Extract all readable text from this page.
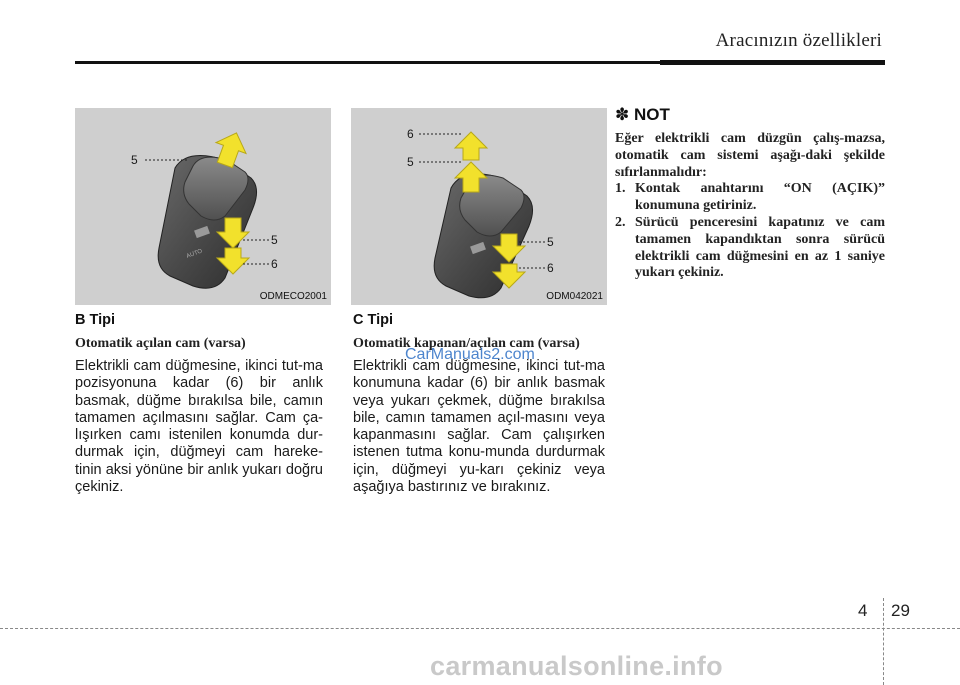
Aracınızın özellikleri
AUTO
5
5
6
ODMECO2001
6
5
5
6
ODM042021
B Tipi
Otomatik açılan cam (varsa)
Elektrikli cam düğmesine, ikinci tut-ma pozisyonuna kadar (6) bir anlık basmak, düğme bırakılsa bile, camın tamamen açılmasını sağlar. Cam ça-lışırken camı istenilen konumda dur-durmak için, düğmeyi cam hareke-tinin aksi yönüne bir anlık yukarı doğru çekiniz.
C Tipi
Otomatik kapanan/açılan cam (varsa)
Elektrikli cam düğmesine, ikinci tut-ma konumuna kadar (6) bir anlık basmak veya yukarı çekmek, düğme bırakılsa bile, camın tamamen açıl-masını veya kapanmasını sağlar. Cam çalışırken istenen tutma konu-munda durdurmak için, düğmeyi yu-karı çekiniz veya aşağıya bastırınız ve bırakınız.
CarManuals2.com
✽ NOT
Eğer elektrikli cam düzgün çalış-mazsa, otomatik cam sistemi aşağı-daki şekilde sıfırlanmalıdır:
1. Kontak anahtarını “ON (AÇIK)” konumuna getiriniz.
2. Sürücü penceresini kapatınız ve cam tamamen kapandıktan sonra sürücü elektrikli cam düğmesini en az 1 saniye yukarı çekiniz.
4 29
carmanualsonline.info
